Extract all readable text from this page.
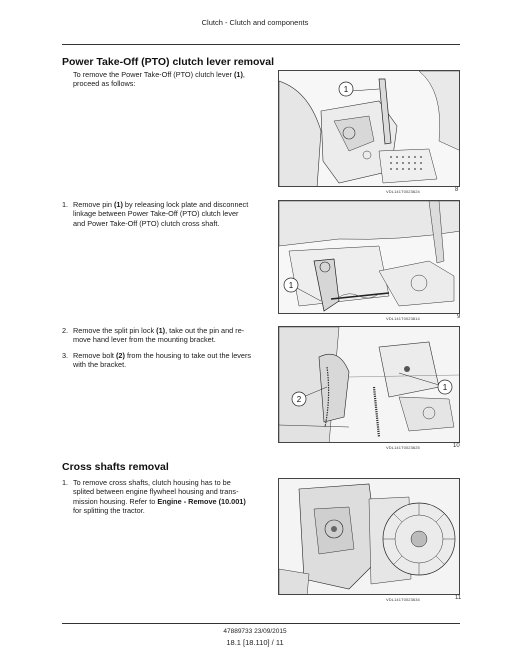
Clutch - Clutch and components
Power Take-Off (PTO) clutch lever removal
To remove the Power Take-Off (PTO) clutch lever (1),
proceed as follows:
1
VDL141T0023624	8
1. Remove pin (1) by releasing lock plate and disconnect
linkage between Power Take-Off (PTO) clutch lever
and Power Take-Off (PTO) clutch cross shaft.
1
VDL141T0023814	9
2. Remove the split pin lock (1), take out the pin and re-
move hand lever from the mounting bracket.
3. Remove bolt (2) from the housing to take out the levers
with the bracket.
1
2
VDL141T0023625	10
Cross shafts removal
1. To remove cross shafts, clutch housing has to be
splited between engine flywheel housing and trans-
mission housing. Refer to Engine - Remove (10.001)
for splitting the tractor.
VDL141T0023634	11
47889733 23/09/2015
18.1 [18.110] / 11
